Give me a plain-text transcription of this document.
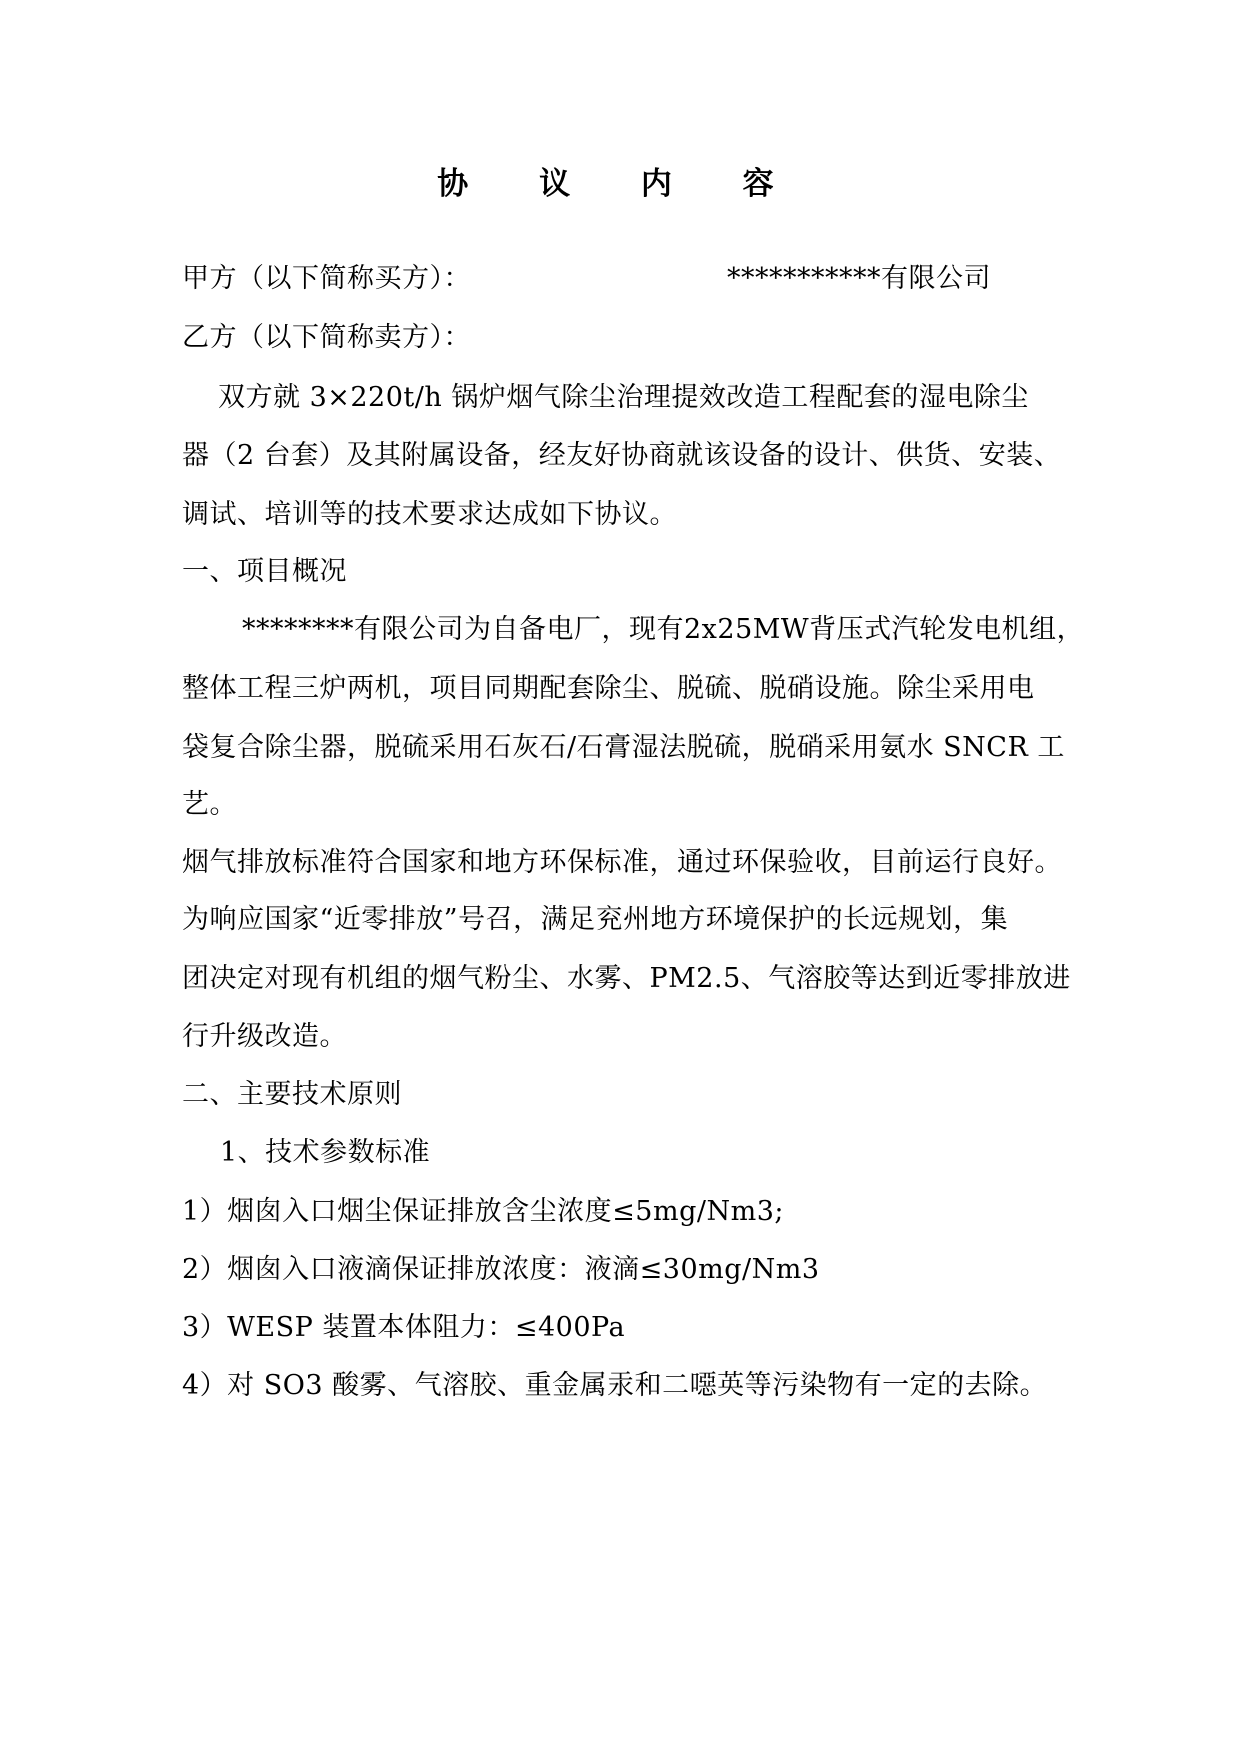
协 议 内 容
甲方（以下简称买方）：	***********有限公司
乙方（以下简称卖方）：
双方就 3×220t/h 锅炉烟气除尘治理提效改造工程配套的湿电除尘
器（2 台套）及其附属设备，经友好协商就该设备的设计、供货、安装、
调试、培训等的技术要求达成如下协议。
一、项目概况
********有限公司为自备电厂，现有2x25MW背压式汽轮发电机组，
整体工程三炉两机，项目同期配套除尘、脱硫、脱硝设施。除尘采用电
袋复合除尘器，脱硫采用石灰石/石膏湿法脱硫，脱硝采用氨水 SNCR 工
艺。
烟气排放标准符合国家和地方环保标准，通过环保验收，目前运行良好。
为响应国家“近零排放”号召，满足兖州地方环境保护的长远规划，集
团决定对现有机组的烟气粉尘、水雾、PM2.5、气溶胶等达到近零排放进
行升级改造。
二、主要技术原则
1、技术参数标准
1）烟囱入口烟尘保证排放含尘浓度≤5mg/Nm3;
2）烟囱入口液滴保证排放浓度：液滴≤30mg/Nm3
3）WESP 装置本体阻力：≤400Pa
4）对 SO3 酸雾、气溶胶、重金属汞和二噁英等污染物有一定的去除。
